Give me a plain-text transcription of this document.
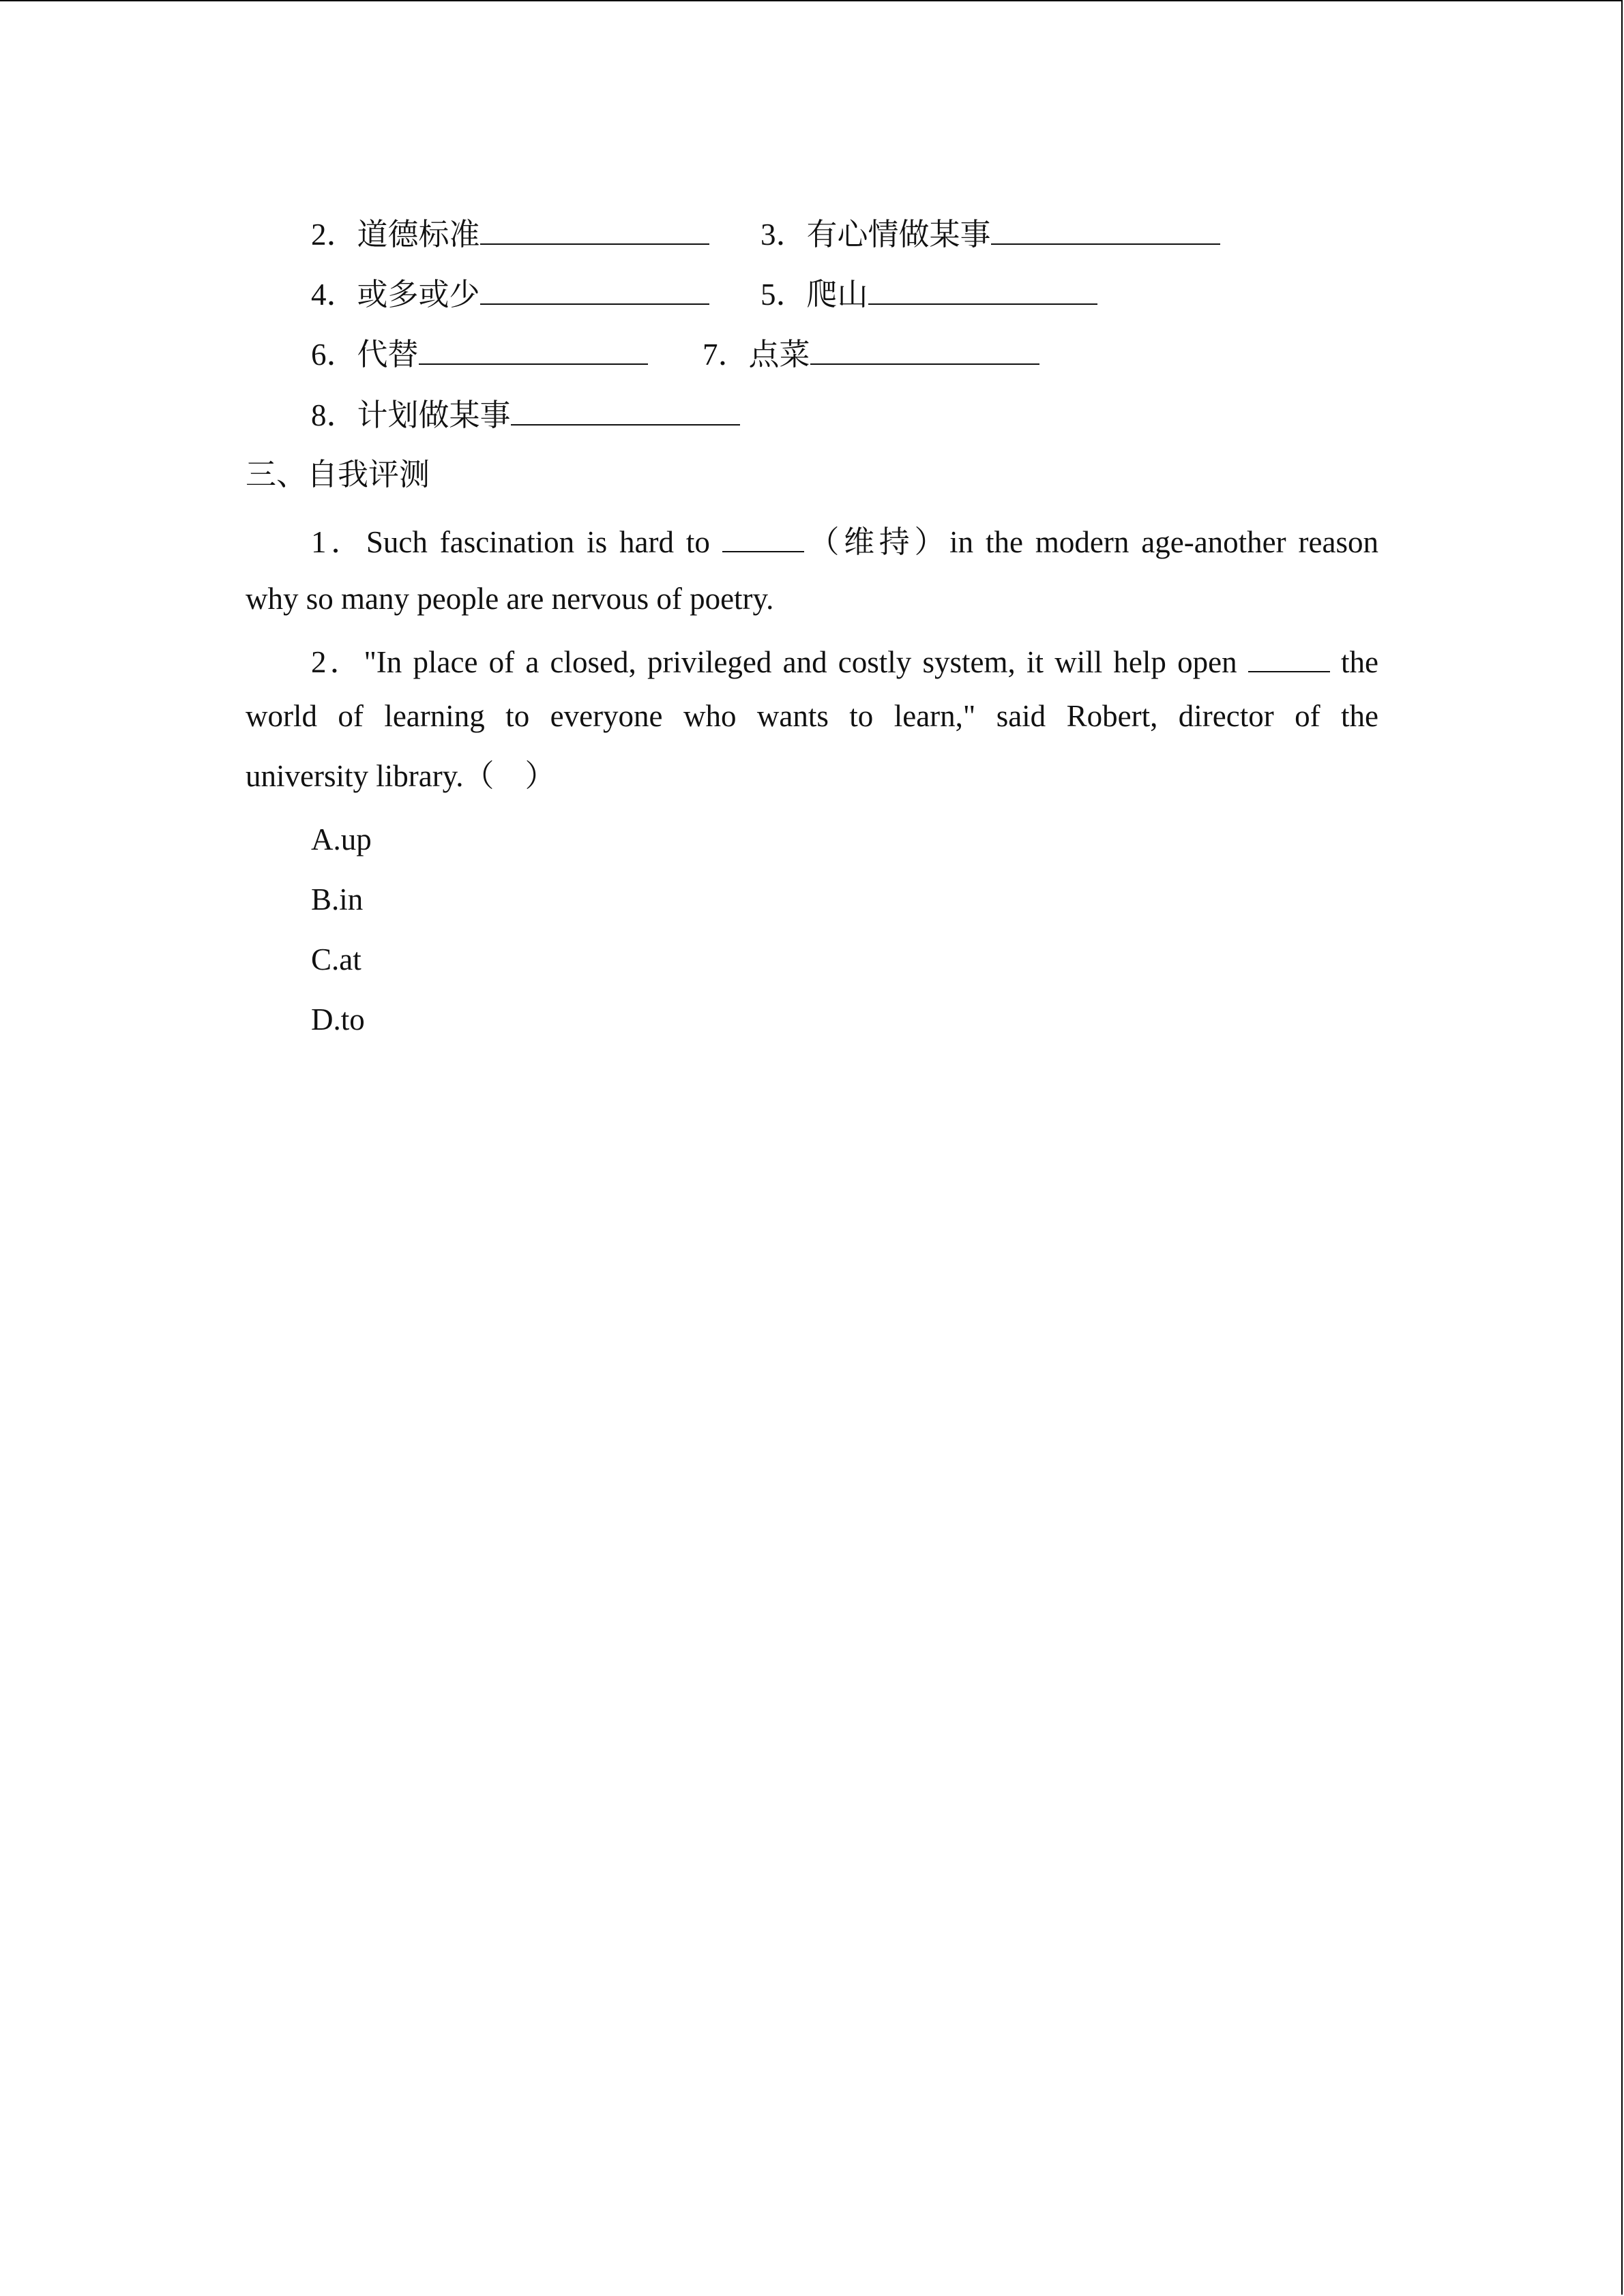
2．道德标准	3．有心情做某事
4．或多或少	5．爬山
6．代替	7．点菜
8．计划做某事
三、自我评测
1．Such fascination is hard to	（维持）in the modern age-another reason
why so many people are nervous of poetry.
2．"In place of a closed, privileged and costly system, it will help open	the
world of learning to everyone who wants to learn," said Robert, director of the
university library.（　）
A.up
B.in
C.at
D.to
